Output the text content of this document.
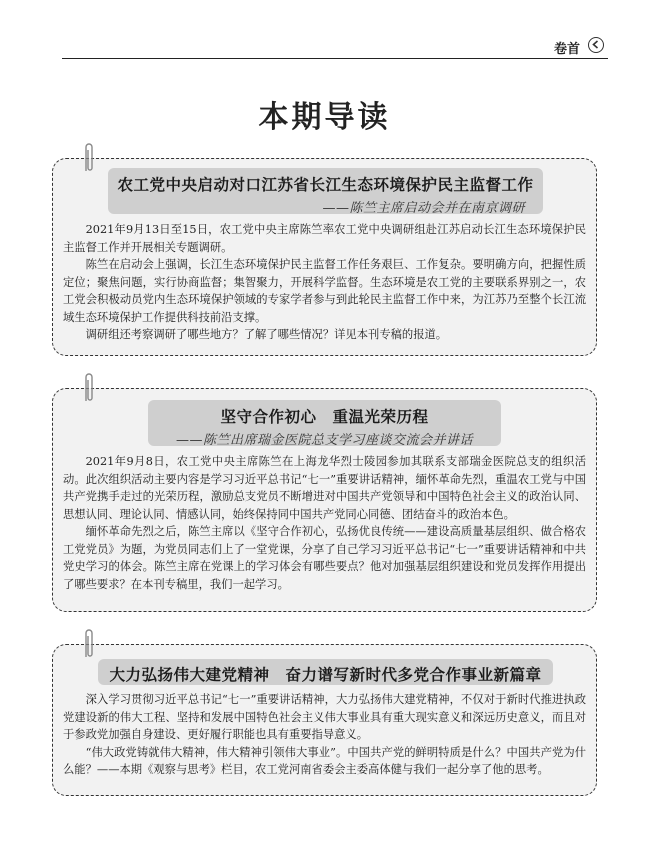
卷首
本期导读
农工党中央启动对口江苏省长江生态环境保护民主监督工作
——陈竺主席启动会并在南京调研

2021年9月13日至15日，农工党中央主席陈竺率农工党中央调研组赴江苏启动长江生态环境保护民主监督工作并开展相关专题调研。

陈竺在启动会上强调，长江生态环境保护民主监督工作任务艰巨、工作复杂。要明确方向，把握性质定位；聚焦问题，实行协商监督；集智聚力，开展科学监督。生态环境是农工党的主要联系界别之一，农工党会积极动员党内生态环境保护领域的专家学者参与到此轮民主监督工作中来，为江苏乃至整个长江流域生态环境保护工作提供科技前沿支撑。

调研组还考察调研了哪些地方？了解了哪些情况？详见本刊专稿的报道。

坚守合作初心　重温光荣历程
——陈竺出席瑞金医院总支学习座谈交流会并讲话

2021年9月8日，农工党中央主席陈竺在上海龙华烈士陵园参加其联系支部瑞金医院总支的组织活动。此次组织活动主要内容是学习习近平总书记“七一”重要讲话精神，缅怀革命先烈，重温农工党与中国共产党携手走过的光荣历程，激励总支党员不断增进对中国共产党领导和中国特色社会主义的政治认同、思想认同、理论认同、情感认同，始终保持同中国共产党同心同德、团结奋斗的政治本色。

缅怀革命先烈之后，陈竺主席以《坚守合作初心，弘扬优良传统——建设高质量基层组织、做合格农工党党员》为题，为党员同志们上了一堂党课，分享了自己学习习近平总书记“七一”重要讲话精神和中共党史学习的体会。陈竺主席在党课上的学习体会有哪些要点？他对加强基层组织建设和党员发挥作用提出了哪些要求？在本刊专稿里，我们一起学习。

大力弘扬伟大建党精神　奋力谱写新时代多党合作事业新篇章

深入学习贯彻习近平总书记“七一”重要讲话精神，大力弘扬伟大建党精神，不仅对于新时代推进执政党建设新的伟大工程、坚持和发展中国特色社会主义伟大事业具有重大现实意义和深远历史意义，而且对于参政党加强自身建设、更好履行职能也具有重要指导意义。

“伟大政党铸就伟大精神，伟大精神引领伟大事业”。中国共产党的鲜明特质是什么？中国共产党为什么能？——本期《观察与思考》栏目，农工党河南省委会主委高体健与我们一起分享了他的思考。
